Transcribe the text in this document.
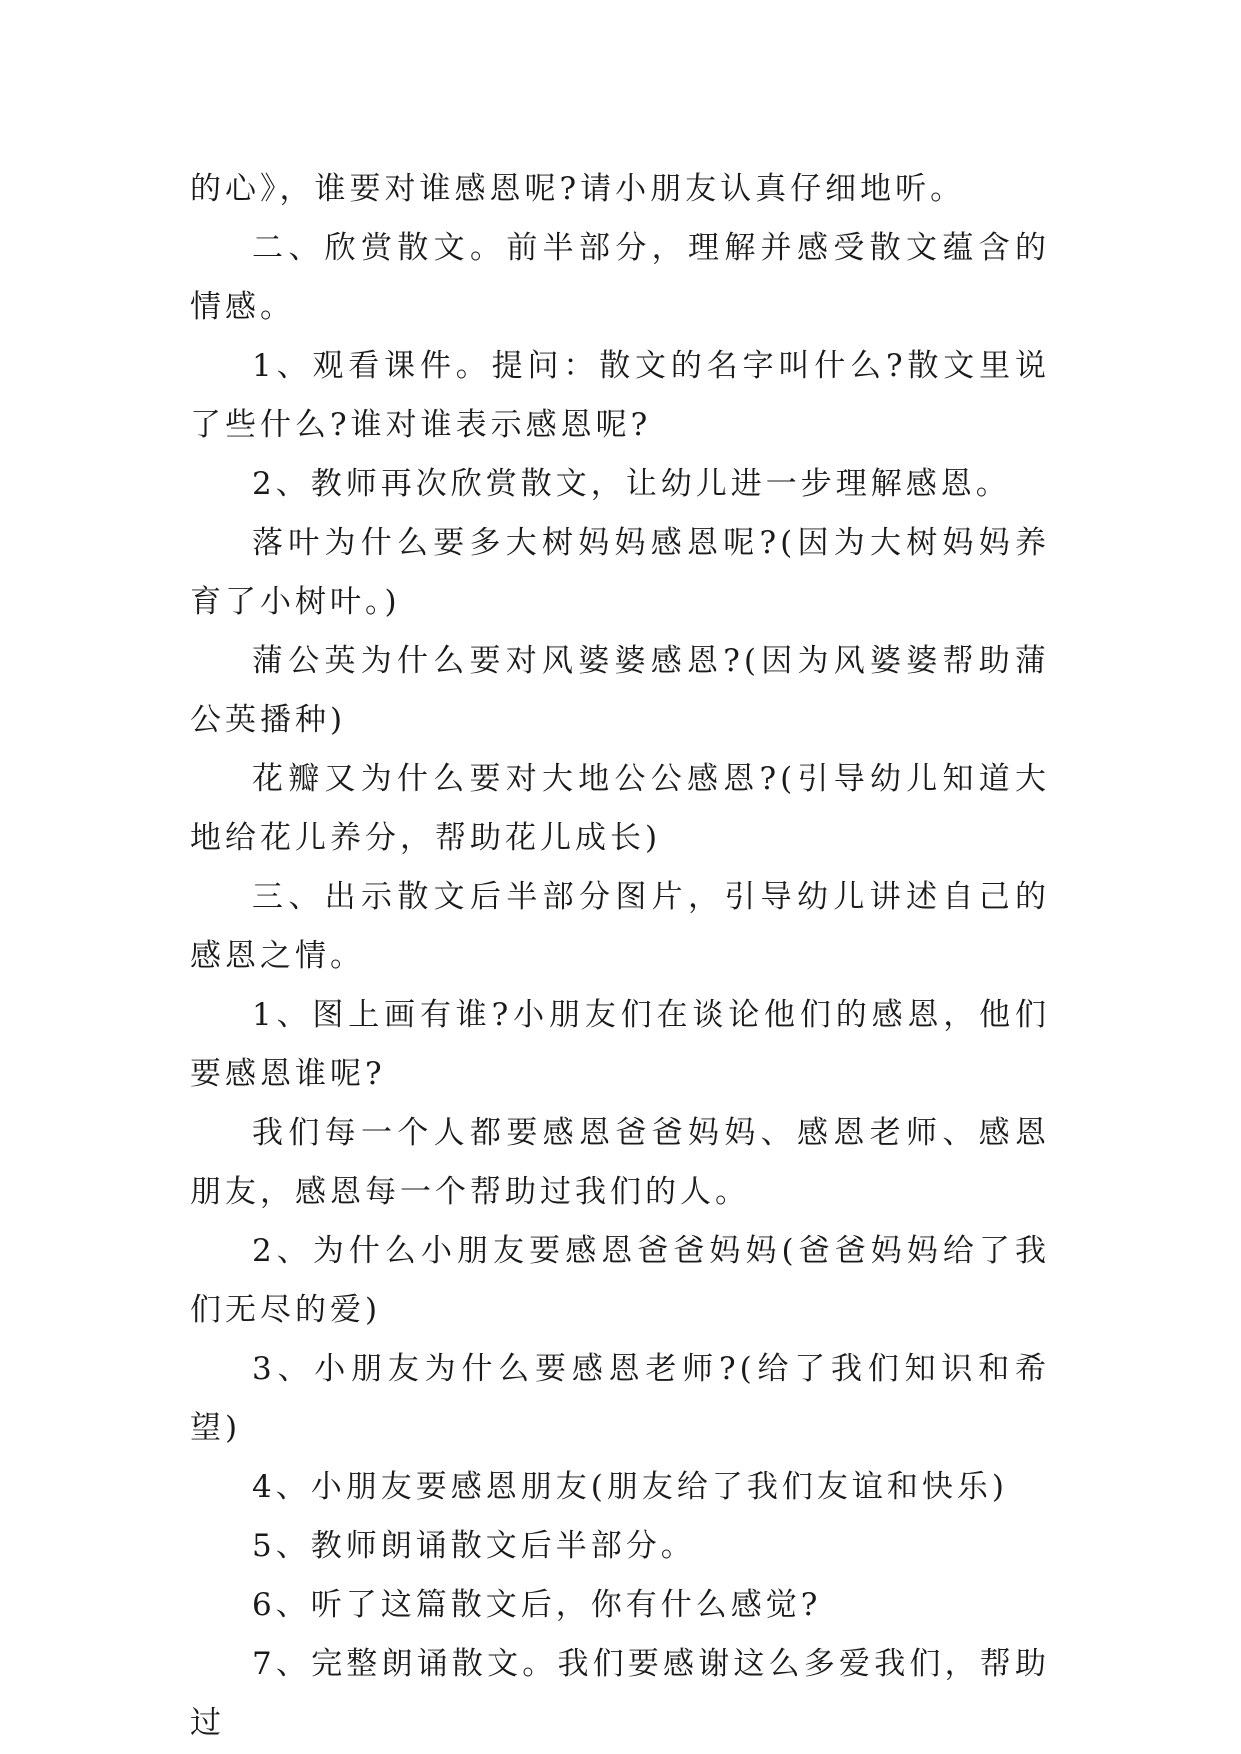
的心》，谁要对谁感恩呢?请小朋友认真仔细地听。

二、欣赏散文。前半部分，理解并感受散文蕴含的情感。

1、观看课件。提问：散文的名字叫什么?散文里说了些什么?谁对谁表示感恩呢?

2、教师再次欣赏散文，让幼儿进一步理解感恩。

落叶为什么要多大树妈妈感恩呢?(因为大树妈妈养育了小树叶。)

蒲公英为什么要对风婆婆感恩?(因为风婆婆帮助蒲公英播种)

花瓣又为什么要对大地公公感恩?(引导幼儿知道大地给花儿养分，帮助花儿成长)

三、出示散文后半部分图片，引导幼儿讲述自己的感恩之情。

1、图上画有谁?小朋友们在谈论他们的感恩，他们要感恩谁呢?

我们每一个人都要感恩爸爸妈妈、感恩老师、感恩朋友，感恩每一个帮助过我们的人。

2、为什么小朋友要感恩爸爸妈妈(爸爸妈妈给了我们无尽的爱)

3、小朋友为什么要感恩老师?(给了我们知识和希望)

4、小朋友要感恩朋友(朋友给了我们友谊和快乐)

5、教师朗诵散文后半部分。

6、听了这篇散文后，你有什么感觉?

7、完整朗诵散文。我们要感谢这么多爱我们，帮助过
